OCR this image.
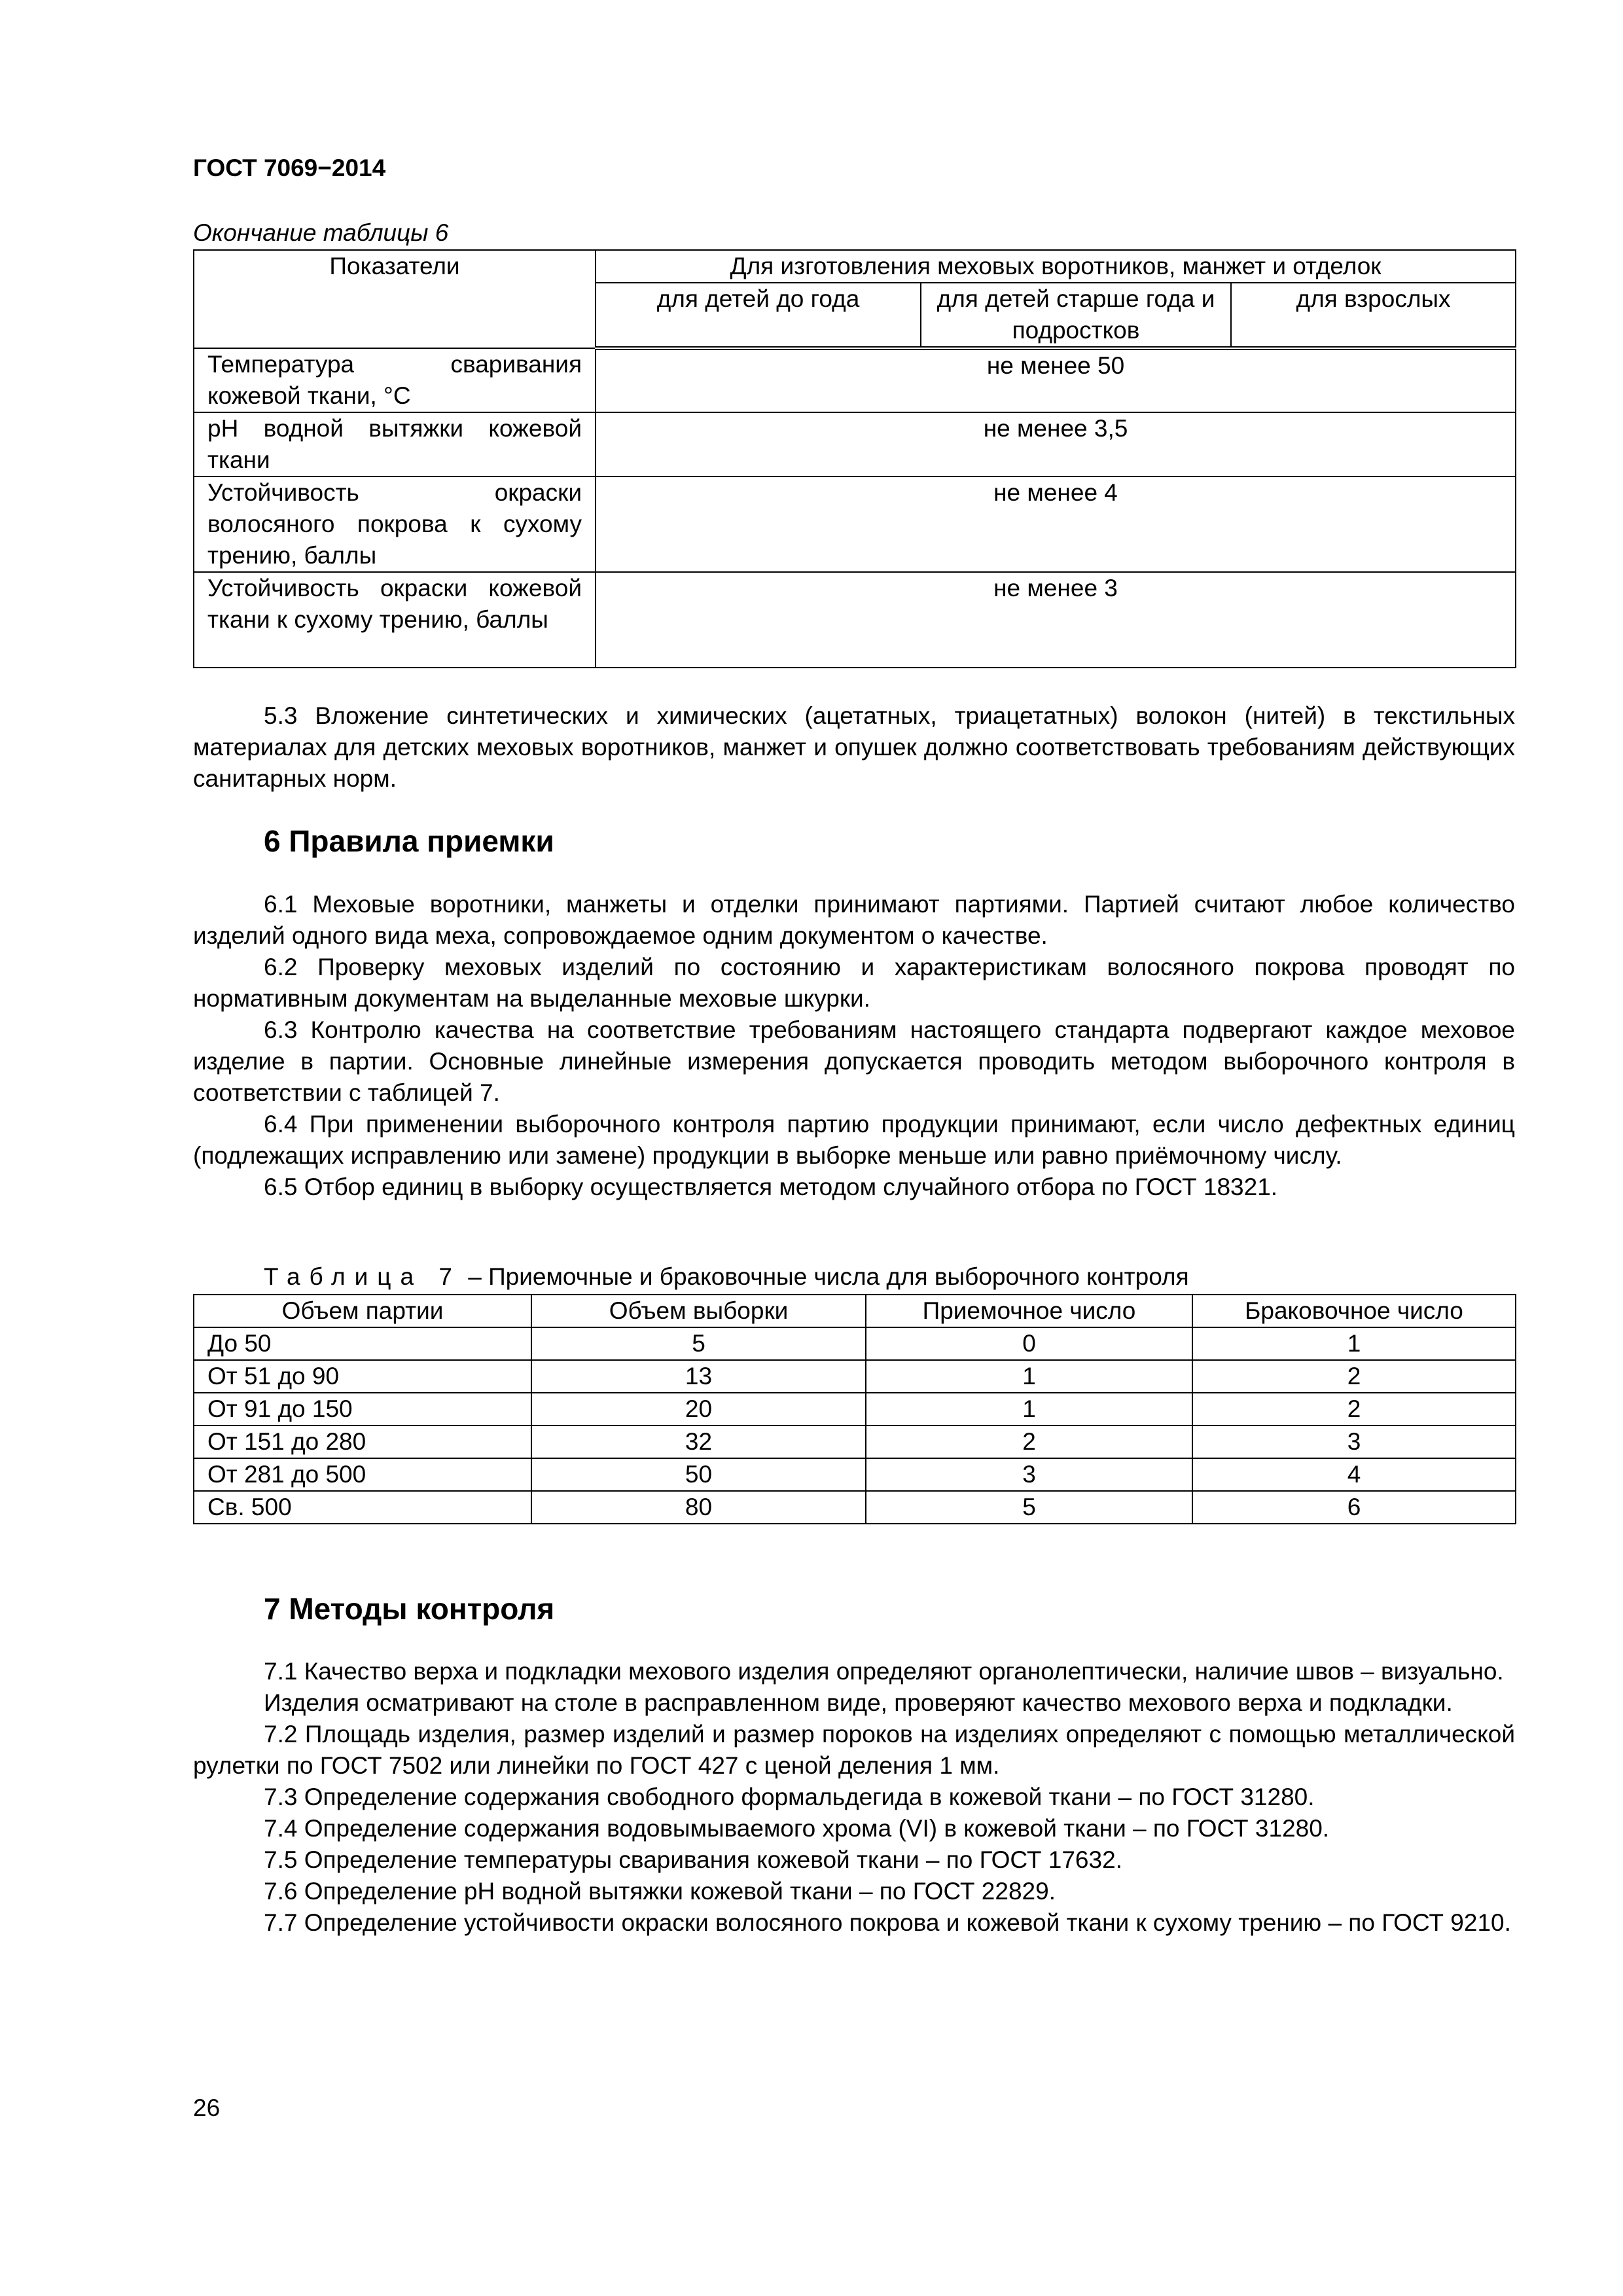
ГОСТ 7069−2014
Окончание таблицы 6
Показатели	Для изготовления меховых воротников, манжет и отделок		
	для детей до года	для детей старше года и подростков	для взрослых
Температура сваривания кожевой ткани, °С	не менее 50		
pH водной вытяжки кожевой ткани	не менее 3,5		
Устойчивость окраски волосяного покрова к сухому трению, баллы	не менее 4		
Устойчивость окраски кожевой ткани к сухому трению, баллы	не менее 3		

5.3 Вложение синтетических и химических (ацетатных, триацетатных) волокон (нитей) в текстильных материалах для детских меховых воротников, манжет и опушек должно соответствовать требованиям действующих санитарных норм.

6 Правила приемки

6.1 Меховые воротники, манжеты и отделки принимают партиями. Партией считают любое количество изделий одного вида меха, сопровождаемое одним документом о качестве.

6.2 Проверку меховых изделий по состоянию и характеристикам волосяного покрова проводят по нормативным документам на выделанные меховые шкурки.

6.3 Контролю качества на соответствие требованиям настоящего стандарта подвергают каждое меховое изделие в партии. Основные линейные измерения допускается проводить методом выборочного контроля в соответствии с таблицей 7.

6.4 При применении выборочного контроля партию продукции принимают, если число дефектных единиц (подлежащих исправлению или замене) продукции в выборке меньше или равно приёмочному числу.

6.5 Отбор единиц в выборку осуществляется методом случайного отбора по ГОСТ 18321.

Таблица 7 – Приемочные и браковочные числа для выборочного контроля
Объем партии	Объем выборки	Приемочное число	Браковочное число
До 50	5	0	1
От 51 до 90	13	1	2
От 91 до 150	20	1	2
От 151 до 280	32	2	3
От 281 до 500	50	3	4
Св. 500	80	5	6
7 Методы контроля

7.1 Качество верха и подкладки мехового изделия определяют органолептически, наличие швов – визуально.

Изделия осматривают на столе в расправленном виде, проверяют качество мехового верха и подкладки.

7.2 Площадь изделия, размер изделий и размер пороков на изделиях определяют с помощью металлической рулетки по ГОСТ 7502 или линейки по ГОСТ 427 с ценой деления 1 мм.

7.3 Определение содержания свободного формальдегида в кожевой ткани – по ГОСТ 31280.

7.4 Определение содержания водовымываемого хрома (VI) в кожевой ткани – по ГОСТ 31280.

7.5 Определение температуры сваривания кожевой ткани – по ГОСТ 17632.

7.6 Определение pH водной вытяжки кожевой ткани – по ГОСТ 22829.

7.7 Определение устойчивости окраски волосяного покрова и кожевой ткани к сухому трению – по ГОСТ 9210.

26
